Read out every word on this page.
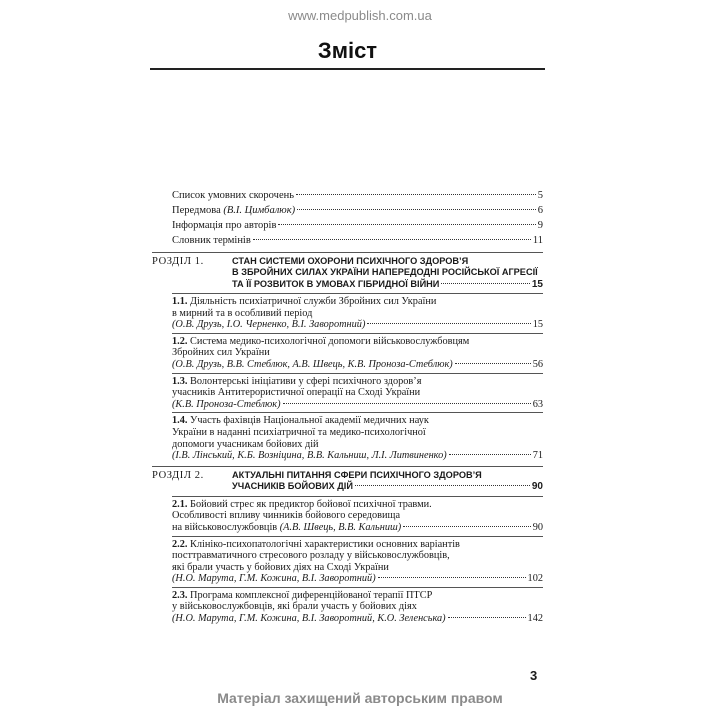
www.medpublish.com.ua
Зміст
Список умовних скорочень	5
Передмова (В.І. Цимбалюк)	6
Інформація про авторів	9
Словник термінів	11
РОЗДІЛ 1.	СТАН СИСТЕМИ ОХОРОНИ ПСИХІЧНОГО ЗДОРОВ’Я
В ЗБРОЙНИХ СИЛАХ УКРАЇНИ НАПЕРЕДОДНІ РОСІЙСЬКОЇ АГРЕСІЇ
ТА ЇЇ РОЗВИТОК В УМОВАХ ГІБРИДНОЇ ВІЙНИ	15
1.1. Діяльність психіатричної служби Збройних сил України
в мирний та в особливий період
(О.В. Друзь, І.О. Черненко, В.І. Заворотний)	15
1.2. Система медико-психологічної допомоги військовослужбовцям
Збройних сил України
(О.В. Друзь, В.В. Стеблюк, А.В. Швець, К.В. Проноза-Стеблюк)	56
1.3. Волонтерські ініціативи у сфері психічного здоров’я
учасників Антитерористичної операції на Сході України
(К.В. Проноза-Стеблюк)	63
1.4. Участь фахівців Національної академії медичних наук
України в наданні психіатричної та медико-психологічної
допомоги учасникам бойових дій
(І.В. Лінський, К.Б. Возніцина, В.В. Кальниш, Л.І. Литвиненко)	71
РОЗДІЛ 2.	АКТУАЛЬНІ ПИТАННЯ СФЕРИ ПСИХІЧНОГО ЗДОРОВ’Я
УЧАСНИКІВ БОЙОВИХ ДІЙ	90
2.1. Бойовий стрес як предиктор бойової психічної травми.
Особливості впливу чинників бойового середовища
на військовослужбовців (А.В. Швець, В.В. Кальниш)	90
2.2. Клініко-психопатологічні характеристики основних варіантів
посттравматичного стресового розладу у військовослужбовців,
які брали участь у бойових діях на Сході України
(Н.О. Марута, Г.М. Кожина, В.І. Заворотний)	102
2.3. Програма комплексної диференційованої терапії ПТСР
у військовослужбовців, які брали участь у бойових діях
(Н.О. Марута, Г.М. Кожина, В.І. Заворотний, К.О. Зеленська)	142
3
Матеріал захищений авторським правом
